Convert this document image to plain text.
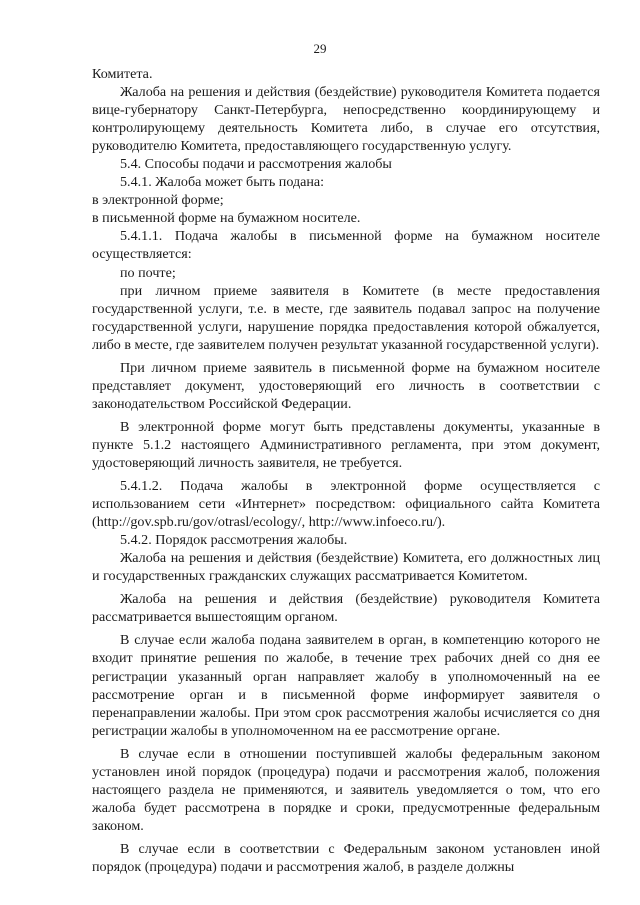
29

Комитета.

Жалоба на решения и действия (бездействие) руководителя Комитета подается вице-губернатору Санкт-Петербурга, непосредственно координирующему и контролирующему деятельность Комитета либо, в случае его отсутствия, руководителю Комитета, предоставляющего государственную услугу.

5.4. Способы подачи и рассмотрения жалобы

5.4.1. Жалоба может быть подана:

в электронной форме;

в письменной форме на бумажном носителе.

5.4.1.1. Подача жалобы в письменной форме на бумажном носителе осуществляется:

по почте;

при личном приеме заявителя в Комитете (в месте предоставления государственной услуги, т.е. в месте, где заявитель подавал запрос на получение государственной услуги, нарушение порядка предоставления которой обжалуется, либо в месте, где заявителем получен результат указанной государственной услуги).

При личном приеме заявитель в письменной форме на бумажном носителе представляет документ, удостоверяющий его личность в соответствии с законодательством Российской Федерации.

В электронной форме могут быть представлены документы, указанные в пункте 5.1.2 настоящего Административного регламента, при этом документ, удостоверяющий личность заявителя, не требуется.

5.4.1.2. Подача жалобы в электронной форме осуществляется с использованием сети «Интернет» посредством: официального сайта Комитета (http://gov.spb.ru/gov/otrasl/ecology/, http://www.infoeco.ru/).

5.4.2. Порядок рассмотрения жалобы.

Жалоба на решения и действия (бездействие) Комитета, его должностных лиц и государственных гражданских служащих рассматривается Комитетом.

Жалоба на решения и действия (бездействие) руководителя Комитета рассматривается вышестоящим органом.

В случае если жалоба подана заявителем в орган, в компетенцию которого не входит принятие решения по жалобе, в течение трех рабочих дней со дня ее регистрации указанный орган направляет жалобу в уполномоченный на ее рассмотрение орган и в письменной форме информирует заявителя о перенаправлении жалобы. При этом срок рассмотрения жалобы исчисляется со дня регистрации жалобы в уполномоченном на ее рассмотрение органе.

В случае если в отношении поступившей жалобы федеральным законом установлен иной порядок (процедура) подачи и рассмотрения жалоб, положения настоящего раздела не применяются, и заявитель уведомляется о том, что его жалоба будет рассмотрена в порядке и сроки, предусмотренные федеральным законом.

В случае если в соответствии с Федеральным законом установлен иной порядок (процедура) подачи и рассмотрения жалоб, в разделе должны
